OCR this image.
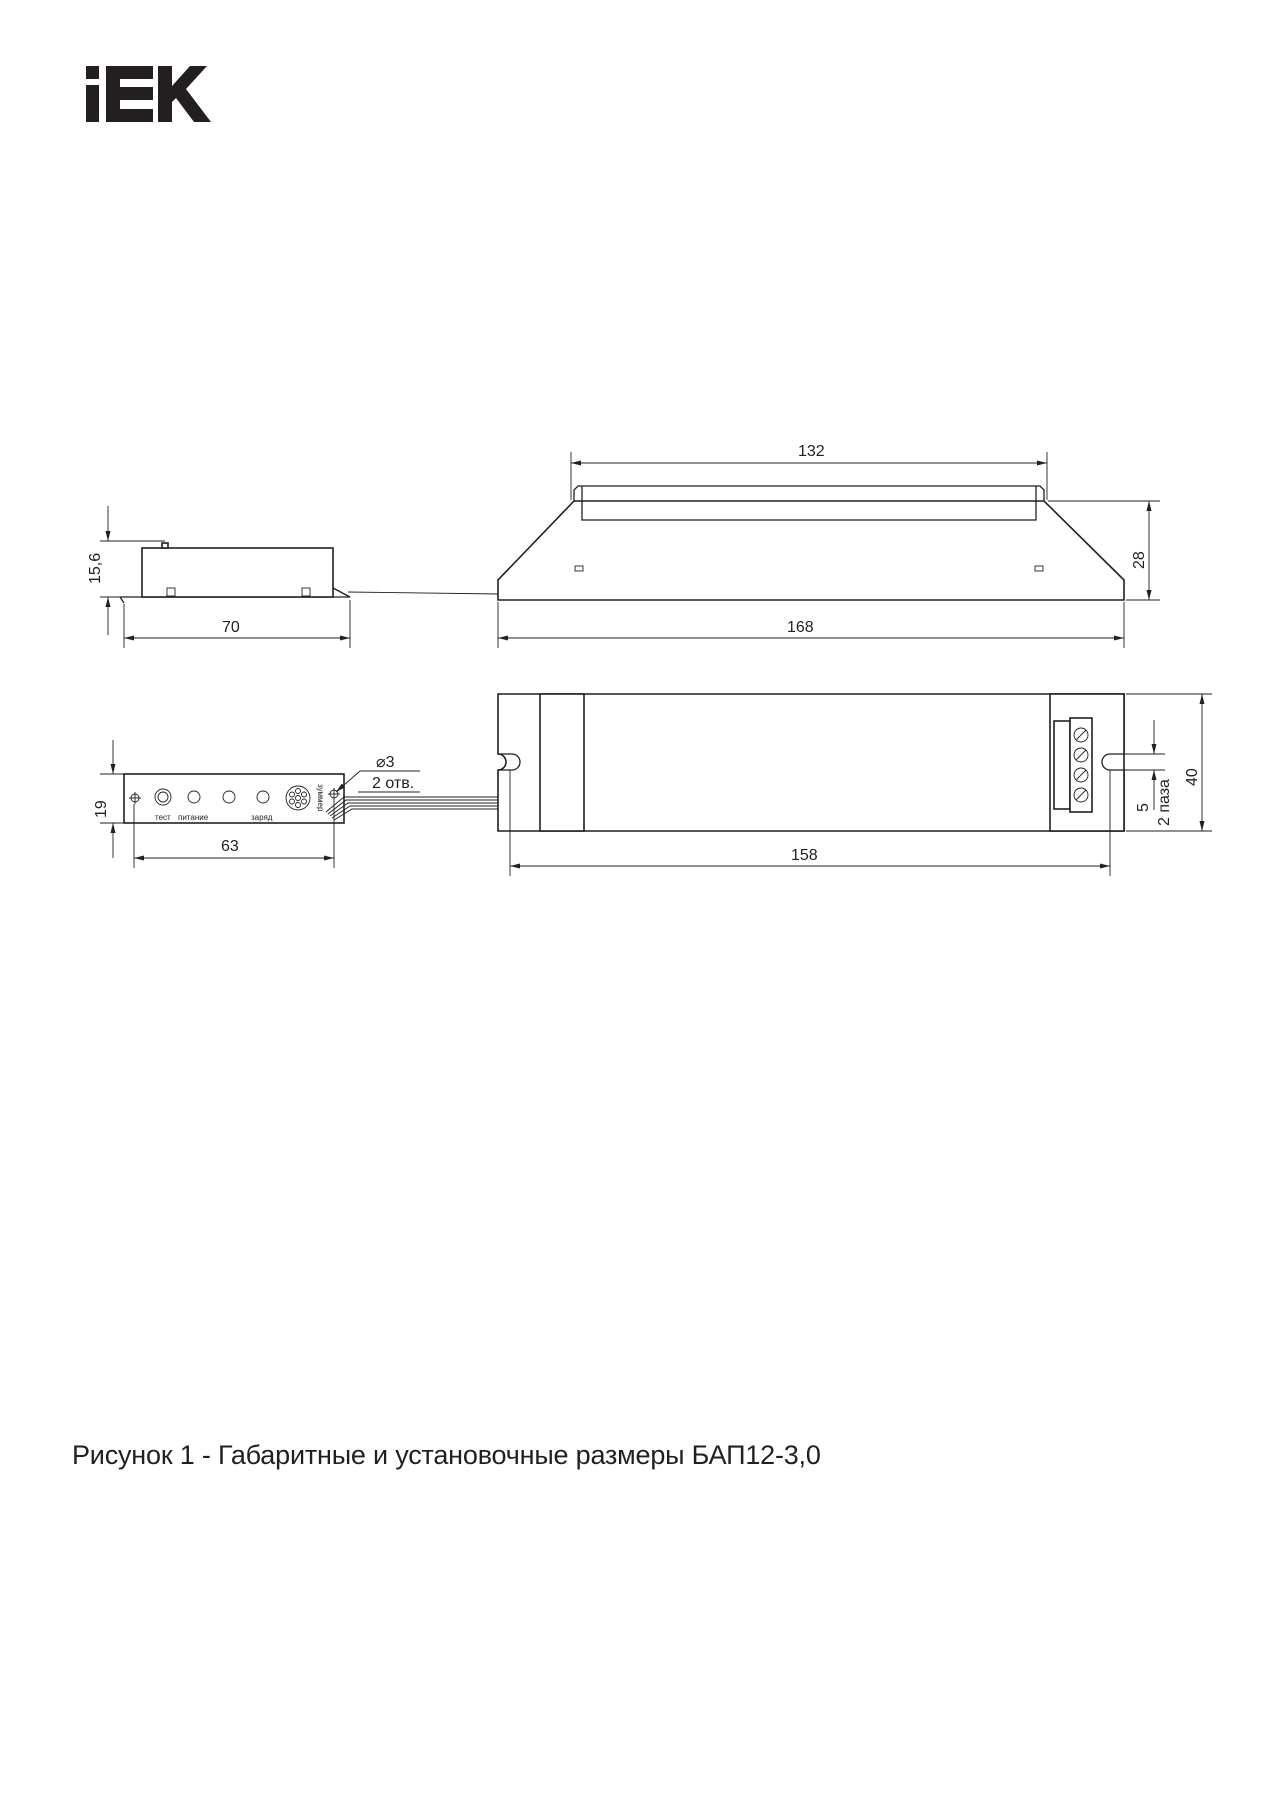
132
15,6	28
70	168
тест питание	заряд
зуммер
⌀3
2 отв.
19
63
158
5 2 паза
40
Рисунок 1 - Габаритные и установочные размеры БАП12-3,0
